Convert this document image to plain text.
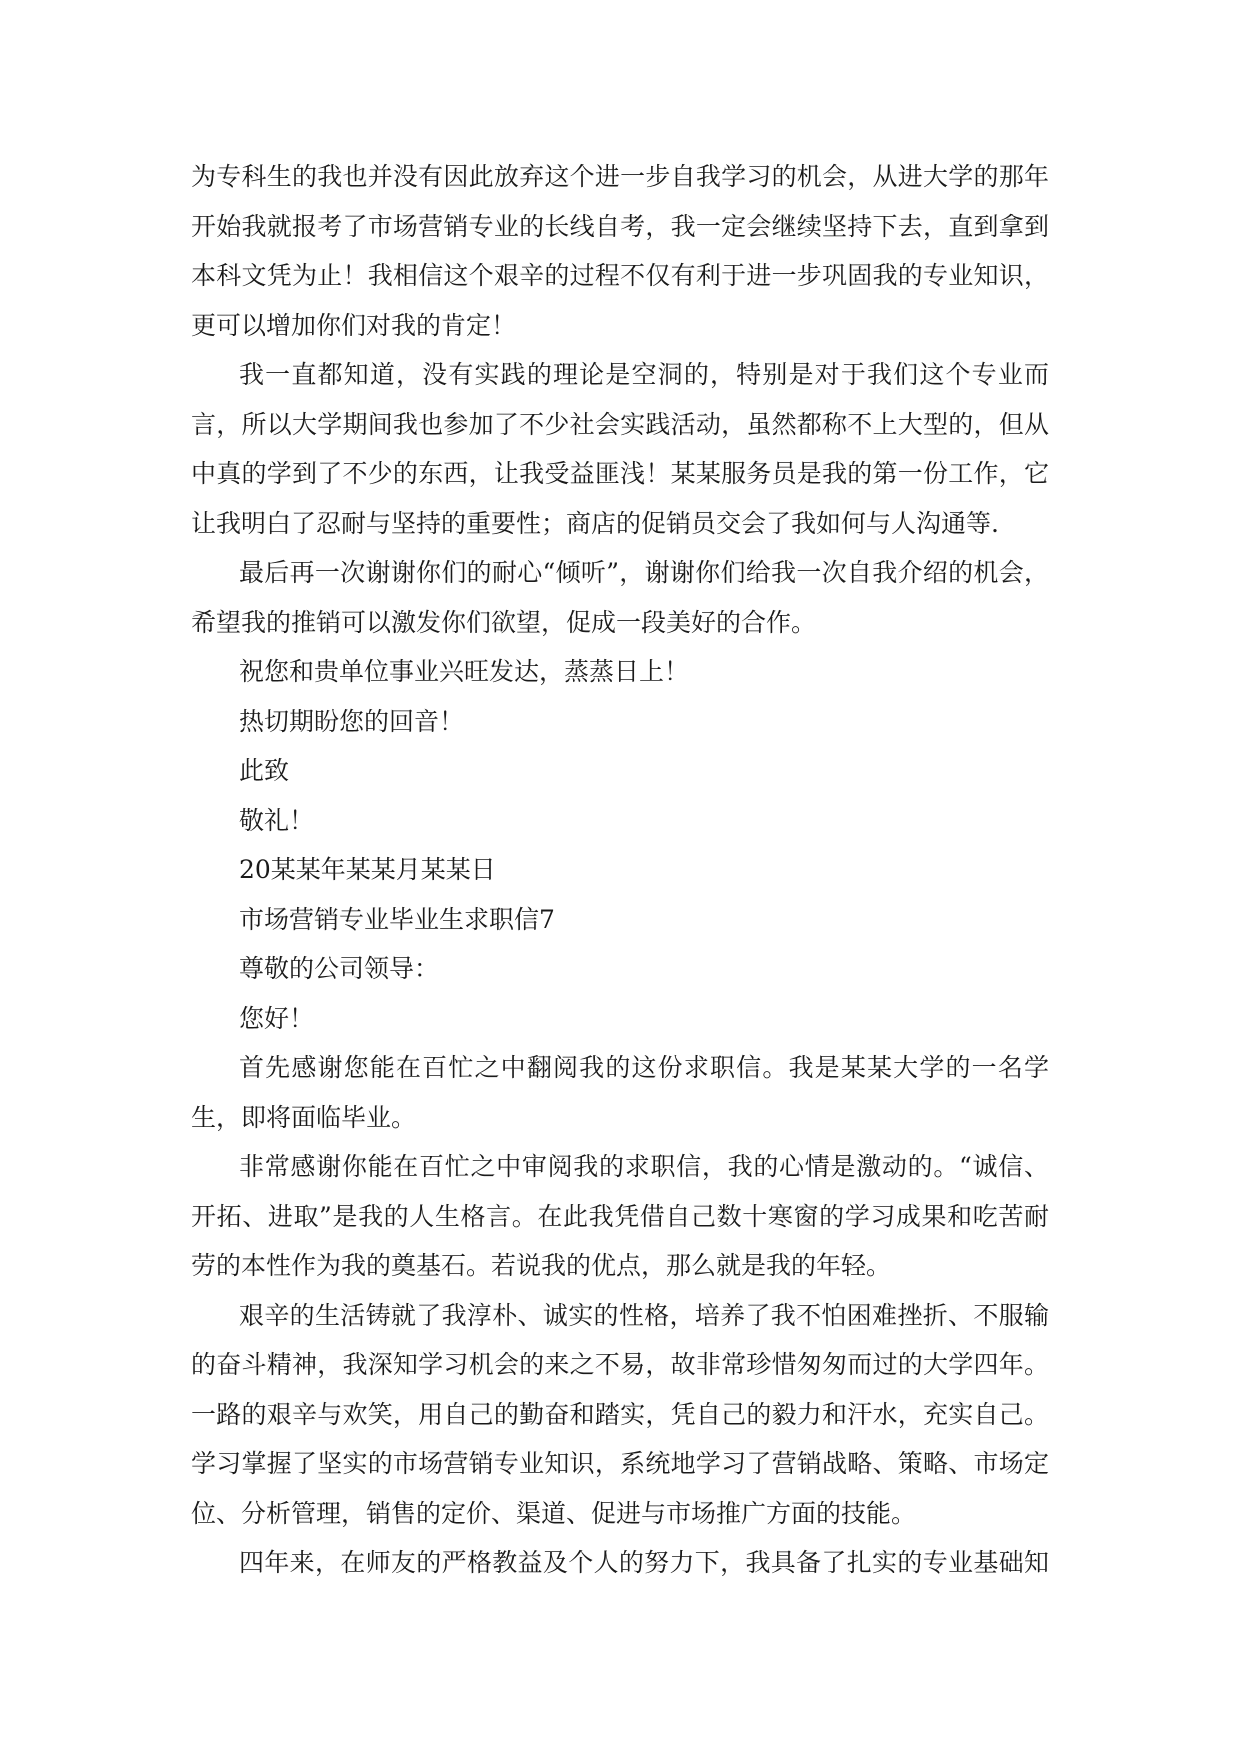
为专科生的我也并没有因此放弃这个进一步自我学习的机会，从进大学的那年
开始我就报考了市场营销专业的长线自考，我一定会继续坚持下去，直到拿到
本科文凭为止！我相信这个艰辛的过程不仅有利于进一步巩固我的专业知识，
更可以增加你们对我的肯定！
我一直都知道，没有实践的理论是空洞的，特别是对于我们这个专业而
言，所以大学期间我也参加了不少社会实践活动，虽然都称不上大型的，但从
中真的学到了不少的东西，让我受益匪浅！某某服务员是我的第一份工作，它
让我明白了忍耐与坚持的重要性；商店的促销员交会了我如何与人沟通等.
最后再一次谢谢你们的耐心“倾听”，谢谢你们给我一次自我介绍的机会，
希望我的推销可以激发你们欲望，促成一段美好的合作。
祝您和贵单位事业兴旺发达，蒸蒸日上！
热切期盼您的回音！
此致
敬礼！
20某某年某某月某某日
市场营销专业毕业生求职信7
尊敬的公司领导：
您好！
首先感谢您能在百忙之中翻阅我的这份求职信。我是某某大学的一名学
生，即将面临毕业。
非常感谢你能在百忙之中审阅我的求职信，我的心情是激动的。“诚信、
开拓、进取”是我的人生格言。在此我凭借自己数十寒窗的学习成果和吃苦耐
劳的本性作为我的奠基石。若说我的优点，那么就是我的年轻。
艰辛的生活铸就了我淳朴、诚实的性格，培养了我不怕困难挫折、不服输
的奋斗精神，我深知学习机会的来之不易，故非常珍惜匆匆而过的大学四年。
一路的艰辛与欢笑，用自己的勤奋和踏实，凭自己的毅力和汗水，充实自己。
学习掌握了坚实的市场营销专业知识，系统地学习了营销战略、策略、市场定
位、分析管理，销售的定价、渠道、促进与市场推广方面的技能。
四年来，在师友的严格教益及个人的努力下，我具备了扎实的专业基础知
